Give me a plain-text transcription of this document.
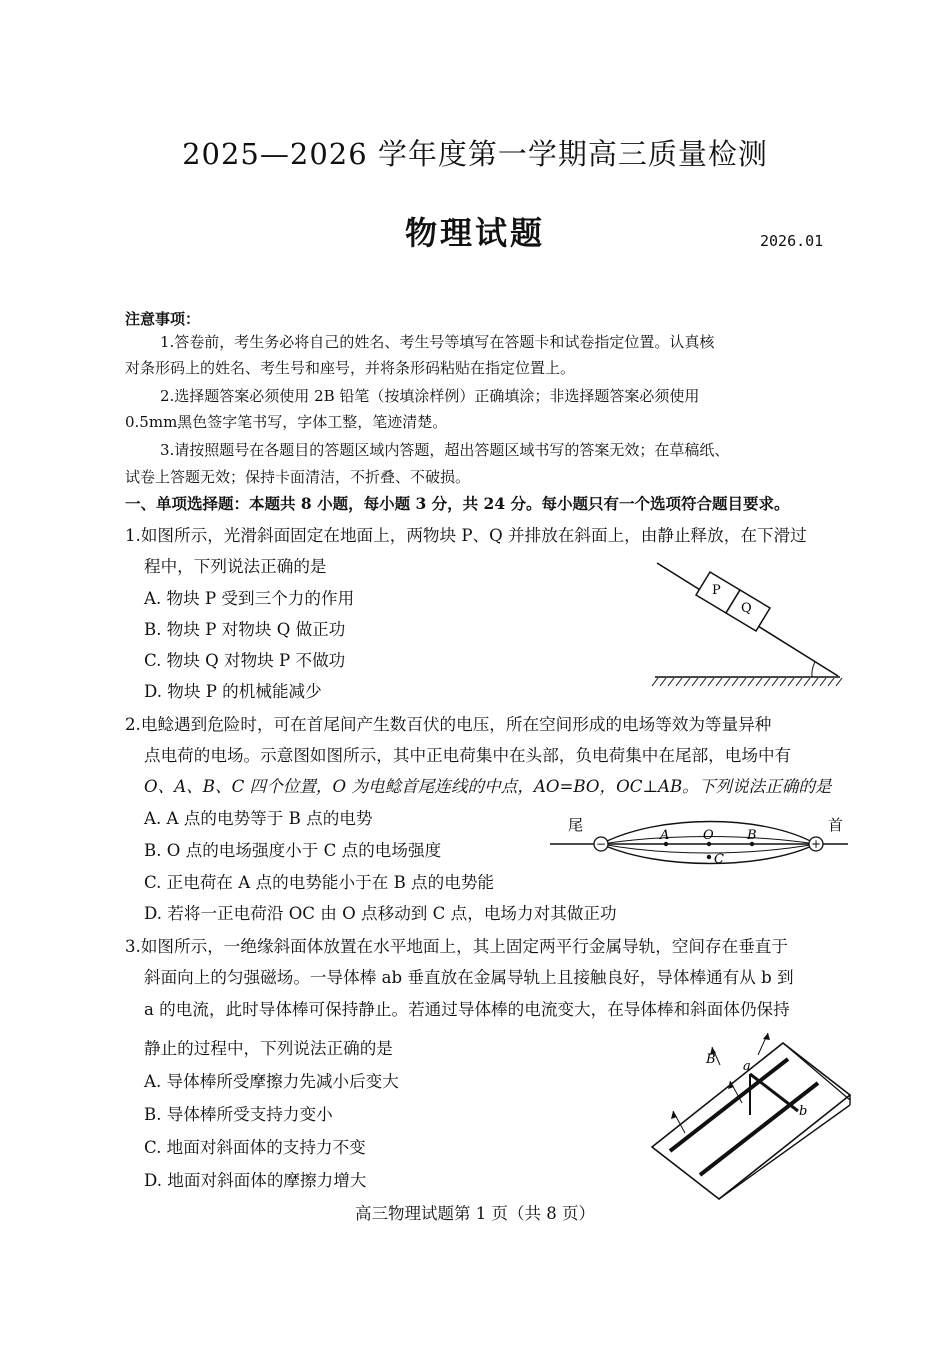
2025—2026 学年度第一学期高三质量检测
物理试题	2026.01
注意事项：
1.答卷前，考生务必将自己的姓名、考生号等填写在答题卡和试卷指定位置。认真核
对条形码上的姓名、考生号和座号，并将条形码粘贴在指定位置上。
2.选择题答案必须使用 2B 铅笔（按填涂样例）正确填涂；非选择题答案必须使用
0.5mm黑色签字笔书写，字体工整，笔迹清楚。
3.请按照题号在各题目的答题区域内答题，超出答题区域书写的答案无效；在草稿纸、
试卷上答题无效；保持卡面清洁，不折叠、不破损。
一、单项选择题：本题共 8 小题，每小题 3 分，共 24 分。每小题只有一个选项符合题目要求。
1.如图所示，光滑斜面固定在地面上，两物块 P、Q 并排放在斜面上，由静止释放，在下滑过
程中，下列说法正确的是
A. 物块 P 受到三个力的作用
B. 物块 P 对物块 Q 做正功
C. 物块 Q 对物块 P 不做功
D. 物块 P 的机械能减少
P
Q
2.电鲶遇到危险时，可在首尾间产生数百伏的电压，所在空间形成的电场等效为等量异种
点电荷的电场。示意图如图所示，其中正电荷集中在头部，负电荷集中在尾部，电场中有
O、A、B、C 四个位置，O 为电鲶首尾连线的中点，AO=BO，OC⊥AB。下列说法正确的是
A. A 点的电势等于 B 点的电势
B. O 点的电场强度小于 C 点的电场强度
C. 正电荷在 A 点的电势能小于在 B 点的电势能
D. 若将一正电荷沿 OC 由 O 点移动到 C 点，电场力对其做正功
−	+
A	O	B
C
尾	首
3.如图所示，一绝缘斜面体放置在水平地面上，其上固定两平行金属导轨，空间存在垂直于
斜面向上的匀强磁场。一导体棒 ab 垂直放在金属导轨上且接触良好，导体棒通有从 b 到
a 的电流，此时导体棒可保持静止。若通过导体棒的电流变大，在导体棒和斜面体仍保持
静止的过程中，下列说法正确的是
A. 导体棒所受摩擦力先减小后变大
B. 导体棒所受支持力变小
C. 地面对斜面体的支持力不变
D. 地面对斜面体的摩擦力增大
B a
b
高三物理试题第 1 页（共 8 页）
